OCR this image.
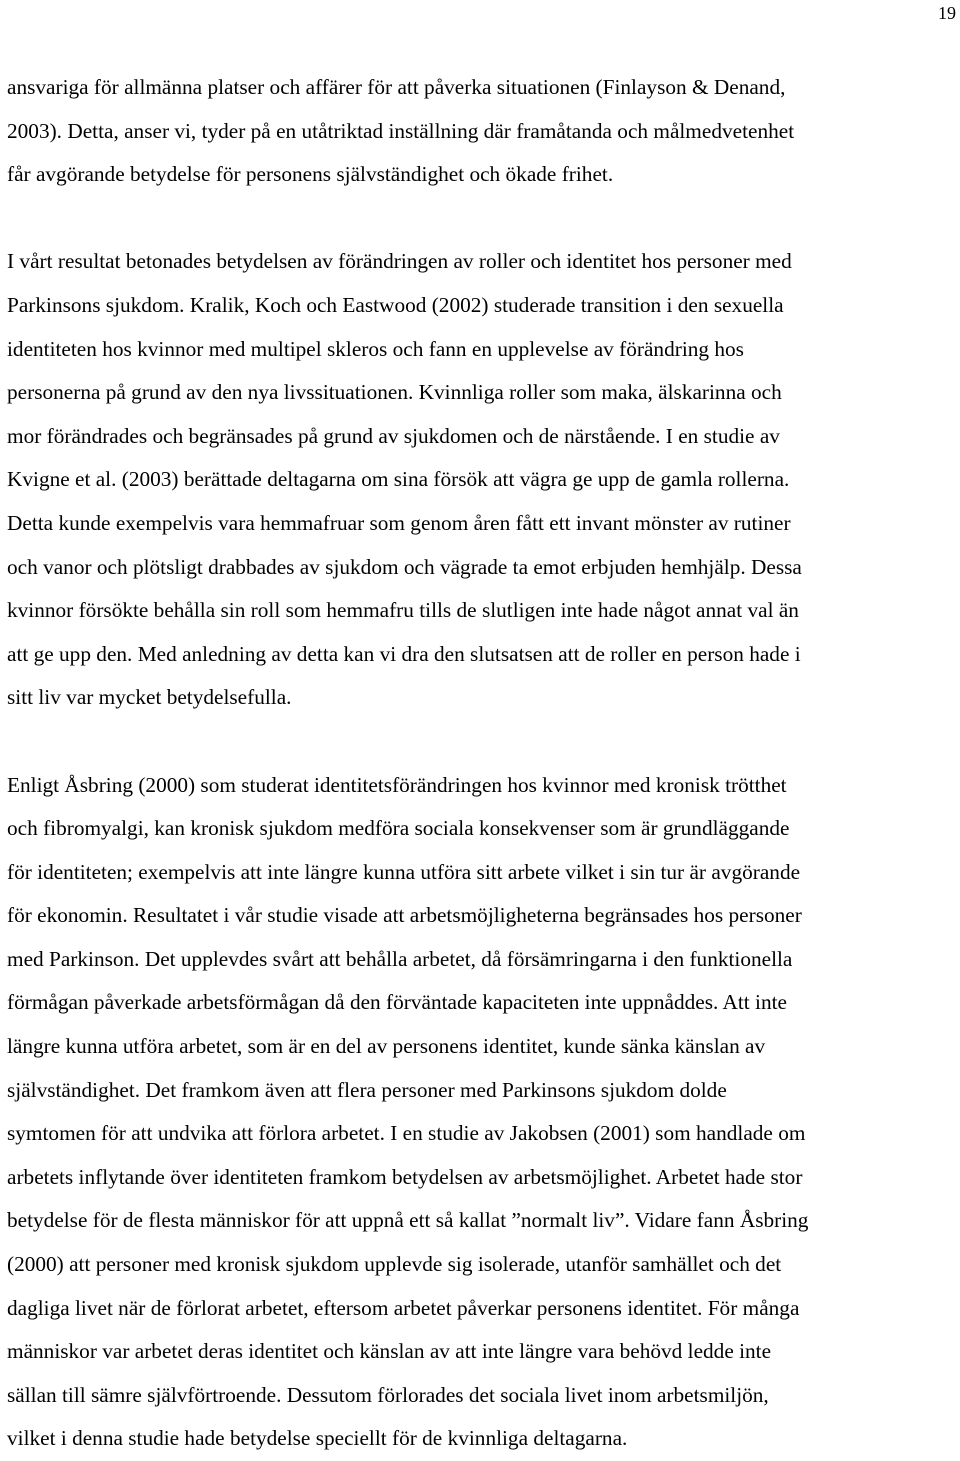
19

ansvariga för allmänna platser och affärer för att påverka situationen (Finlayson & Denand,
2003). Detta, anser vi, tyder på en utåtriktad inställning där framåtanda och målmedvetenhet
får avgörande betydelse för personens självständighet och ökade frihet.

I vårt resultat betonades betydelsen av förändringen av roller och identitet hos personer med
Parkinsons sjukdom. Kralik, Koch och Eastwood (2002) studerade transition i den sexuella
identiteten hos kvinnor med multipel skleros och fann en upplevelse av förändring hos
personerna på grund av den nya livssituationen. Kvinnliga roller som maka, älskarinna och
mor förändrades och begränsades på grund av sjukdomen och de närstående. I en studie av
Kvigne et al. (2003) berättade deltagarna om sina försök att vägra ge upp de gamla rollerna.
Detta kunde exempelvis vara hemmafruar som genom åren fått ett invant mönster av rutiner
och vanor och plötsligt drabbades av sjukdom och vägrade ta emot erbjuden hemhjälp. Dessa
kvinnor försökte behålla sin roll som hemmafru tills de slutligen inte hade något annat val än
att ge upp den. Med anledning av detta kan vi dra den slutsatsen att de roller en person hade i
sitt liv var mycket betydelsefulla.

Enligt Åsbring (2000) som studerat identitetsförändringen hos kvinnor med kronisk trötthet
och fibromyalgi, kan kronisk sjukdom medföra sociala konsekvenser som är grundläggande
för identiteten; exempelvis att inte längre kunna utföra sitt arbete vilket i sin tur är avgörande
för ekonomin. Resultatet i vår studie visade att arbetsmöjligheterna begränsades hos personer
med Parkinson. Det upplevdes svårt att behålla arbetet, då försämringarna i den funktionella
förmågan påverkade arbetsförmågan då den förväntade kapaciteten inte uppnåddes. Att inte
längre kunna utföra arbetet, som är en del av personens identitet, kunde sänka känslan av
självständighet. Det framkom även att flera personer med Parkinsons sjukdom dolde
symtomen för att undvika att förlora arbetet. I en studie av Jakobsen (2001) som handlade om
arbetets inflytande över identiteten framkom betydelsen av arbetsmöjlighet. Arbetet hade stor
betydelse för de flesta människor för att uppnå ett så kallat ”normalt liv”. Vidare fann Åsbring
(2000) att personer med kronisk sjukdom upplevde sig isolerade, utanför samhället och det
dagliga livet när de förlorat arbetet, eftersom arbetet påverkar personens identitet. För många
människor var arbetet deras identitet och känslan av att inte längre vara behövd ledde inte
sällan till sämre självförtroende. Dessutom förlorades det sociala livet inom arbetsmiljön,
vilket i denna studie hade betydelse speciellt för de kvinnliga deltagarna.
